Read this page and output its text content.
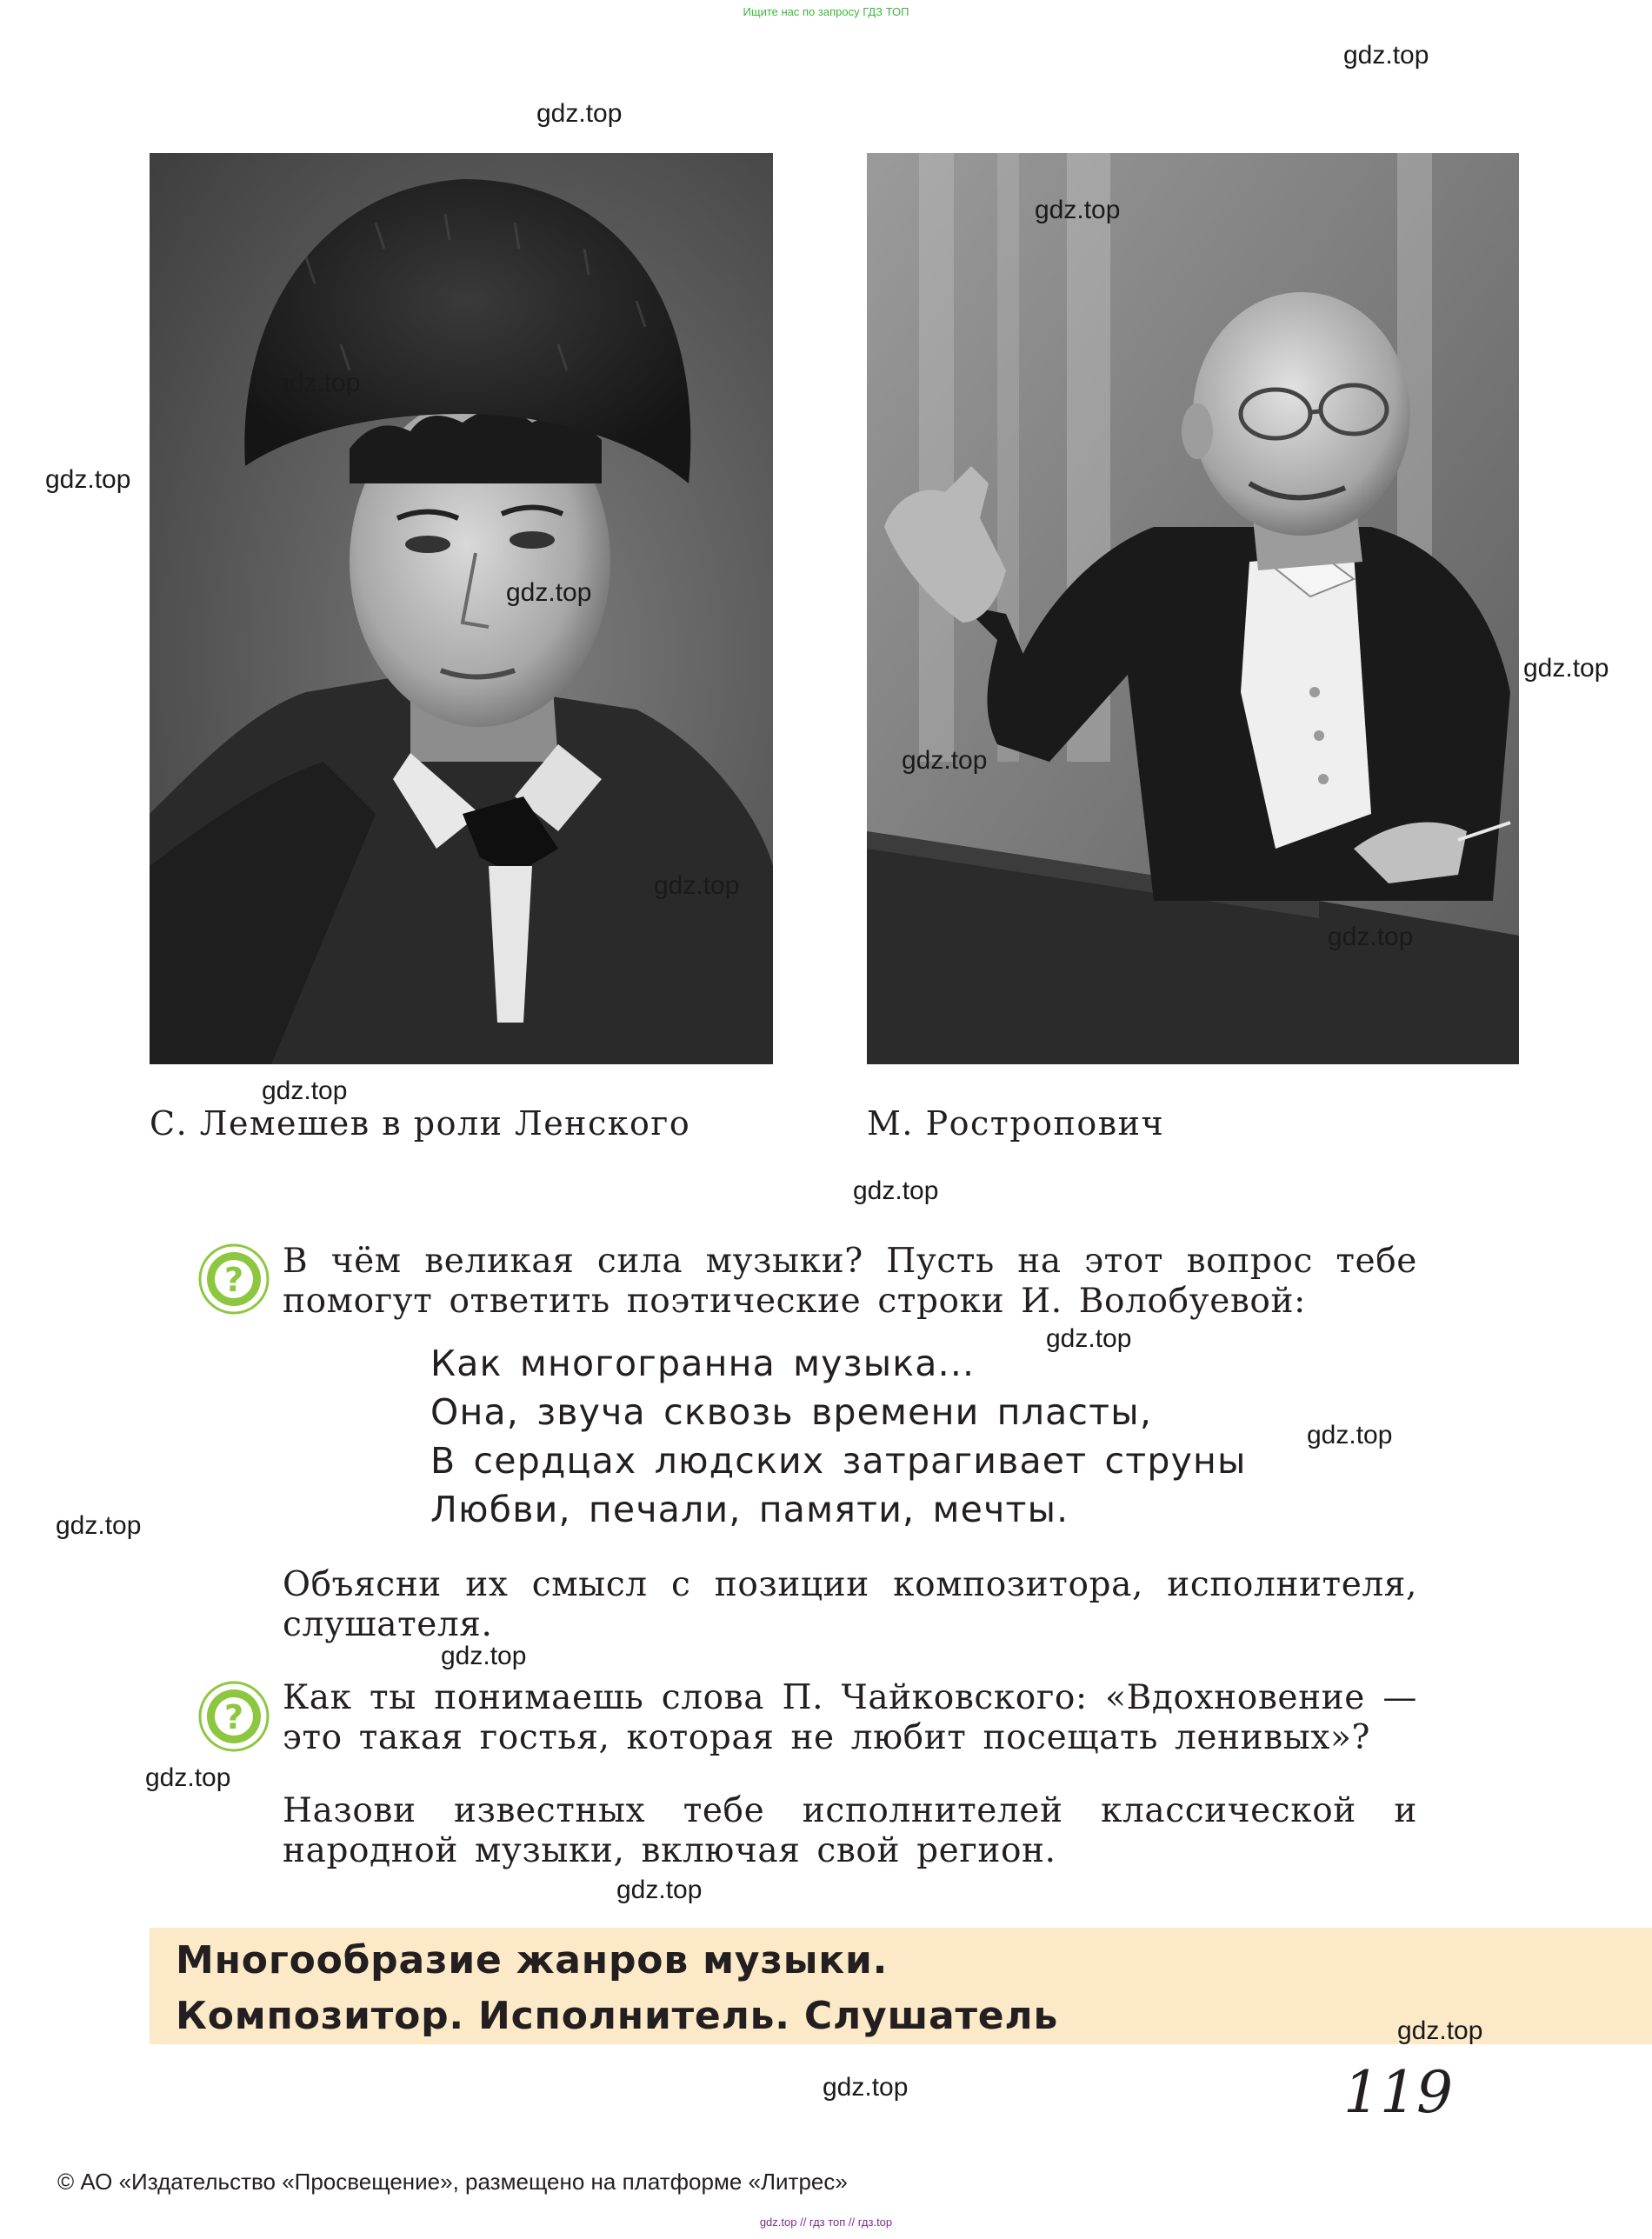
Ищите нас по запросу ГДЗ ТОП
С. Лемешев в роли Ленского	М. Ростропович
? В чём великая сила музыки? Пусть на этот вопрос тебе помогут ответить поэтические строки И. Волобуевой:
Как многогранна музыка...
Она, звуча сквозь времени пласты,
В сердцах людских затрагивает струны
Любви, печали, памяти, мечты.
Объясни их смысл с позиции композитора, исполнителя, слушателя.
? Как ты понимаешь слова П. Чайковского: «Вдохновение — это такая гостья, которая не любит посещать ленивых»?
Назови известных тебе исполнителей классической и народной музыки, включая свой регион.
Многообразие жанров музыки.
Композитор. Исполнитель. Слушатель
119
© АО «Издательство «Просвещение», размещено на платформе «Литрес»
gdz.top // гдз топ // гдз.top
gdz.top
gdz.top
gdz.top
gdz.top
gdz.top
gdz.top
gdz.top
gdz.top
gdz.top
gdz.top
gdz.top
gdz.top
gdz.top
gdz.top
gdz.top
gdz.top
gdz.top
gdz.top
gdz.top
gdz.top
